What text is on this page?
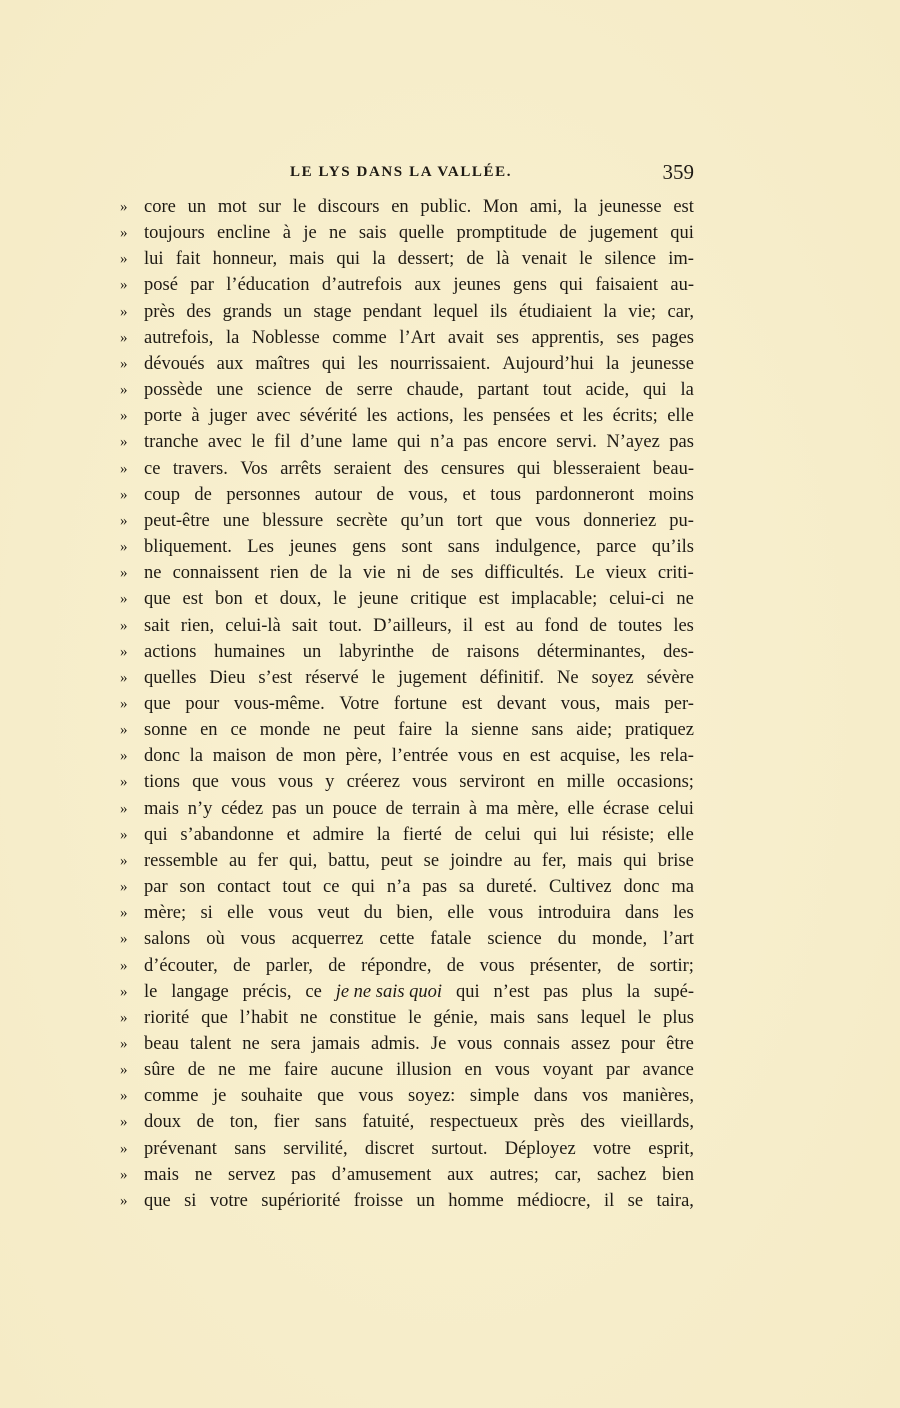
LE LYS DANS LA VALLÉE.	359
» core un mot sur le discours en public. Mon ami, la jeunesse est
» toujours encline à je ne sais quelle promptitude de jugement qui
» lui fait honneur, mais qui la dessert; de là venait le silence im-
» posé par l’éducation d’autrefois aux jeunes gens qui faisaient au-
» près des grands un stage pendant lequel ils étudiaient la vie; car,
» autrefois, la Noblesse comme l’Art avait ses apprentis, ses pages
» dévoués aux maîtres qui les nourrissaient. Aujourd’hui la jeunesse
» possède une science de serre chaude, partant tout acide, qui la
» porte à juger avec sévérité les actions, les pensées et les écrits; elle
» tranche avec le fil d’une lame qui n’a pas encore servi. N’ayez pas
» ce travers. Vos arrêts seraient des censures qui blesseraient beau-
» coup de personnes autour de vous, et tous pardonneront moins
» peut-être une blessure secrète qu’un tort que vous donneriez pu-
» bliquement. Les jeunes gens sont sans indulgence, parce qu’ils
» ne connaissent rien de la vie ni de ses difficultés. Le vieux criti-
» que est bon et doux, le jeune critique est implacable; celui-ci ne
» sait rien, celui-là sait tout. D’ailleurs, il est au fond de toutes les
» actions humaines un labyrinthe de raisons déterminantes, des-
» quelles Dieu s’est réservé le jugement définitif. Ne soyez sévère
» que pour vous-même. Votre fortune est devant vous, mais per-
» sonne en ce monde ne peut faire la sienne sans aide; pratiquez
» donc la maison de mon père, l’entrée vous en est acquise, les rela-
» tions que vous vous y créerez vous serviront en mille occasions;
» mais n’y cédez pas un pouce de terrain à ma mère, elle écrase celui
» qui s’abandonne et admire la fierté de celui qui lui résiste; elle
» ressemble au fer qui, battu, peut se joindre au fer, mais qui brise
» par son contact tout ce qui n’a pas sa dureté. Cultivez donc ma
» mère; si elle vous veut du bien, elle vous introduira dans les
» salons où vous acquerrez cette fatale science du monde, l’art
» d’écouter, de parler, de répondre, de vous présenter, de sortir;
» le langage précis, ce je ne sais quoi qui n’est pas plus la supé-
» riorité que l’habit ne constitue le génie, mais sans lequel le plus
» beau talent ne sera jamais admis. Je vous connais assez pour être
» sûre de ne me faire aucune illusion en vous voyant par avance
» comme je souhaite que vous soyez: simple dans vos manières,
» doux de ton, fier sans fatuité, respectueux près des vieillards,
» prévenant sans servilité, discret surtout. Déployez votre esprit,
» mais ne servez pas d’amusement aux autres; car, sachez bien
» que si votre supériorité froisse un homme médiocre, il se taira,
